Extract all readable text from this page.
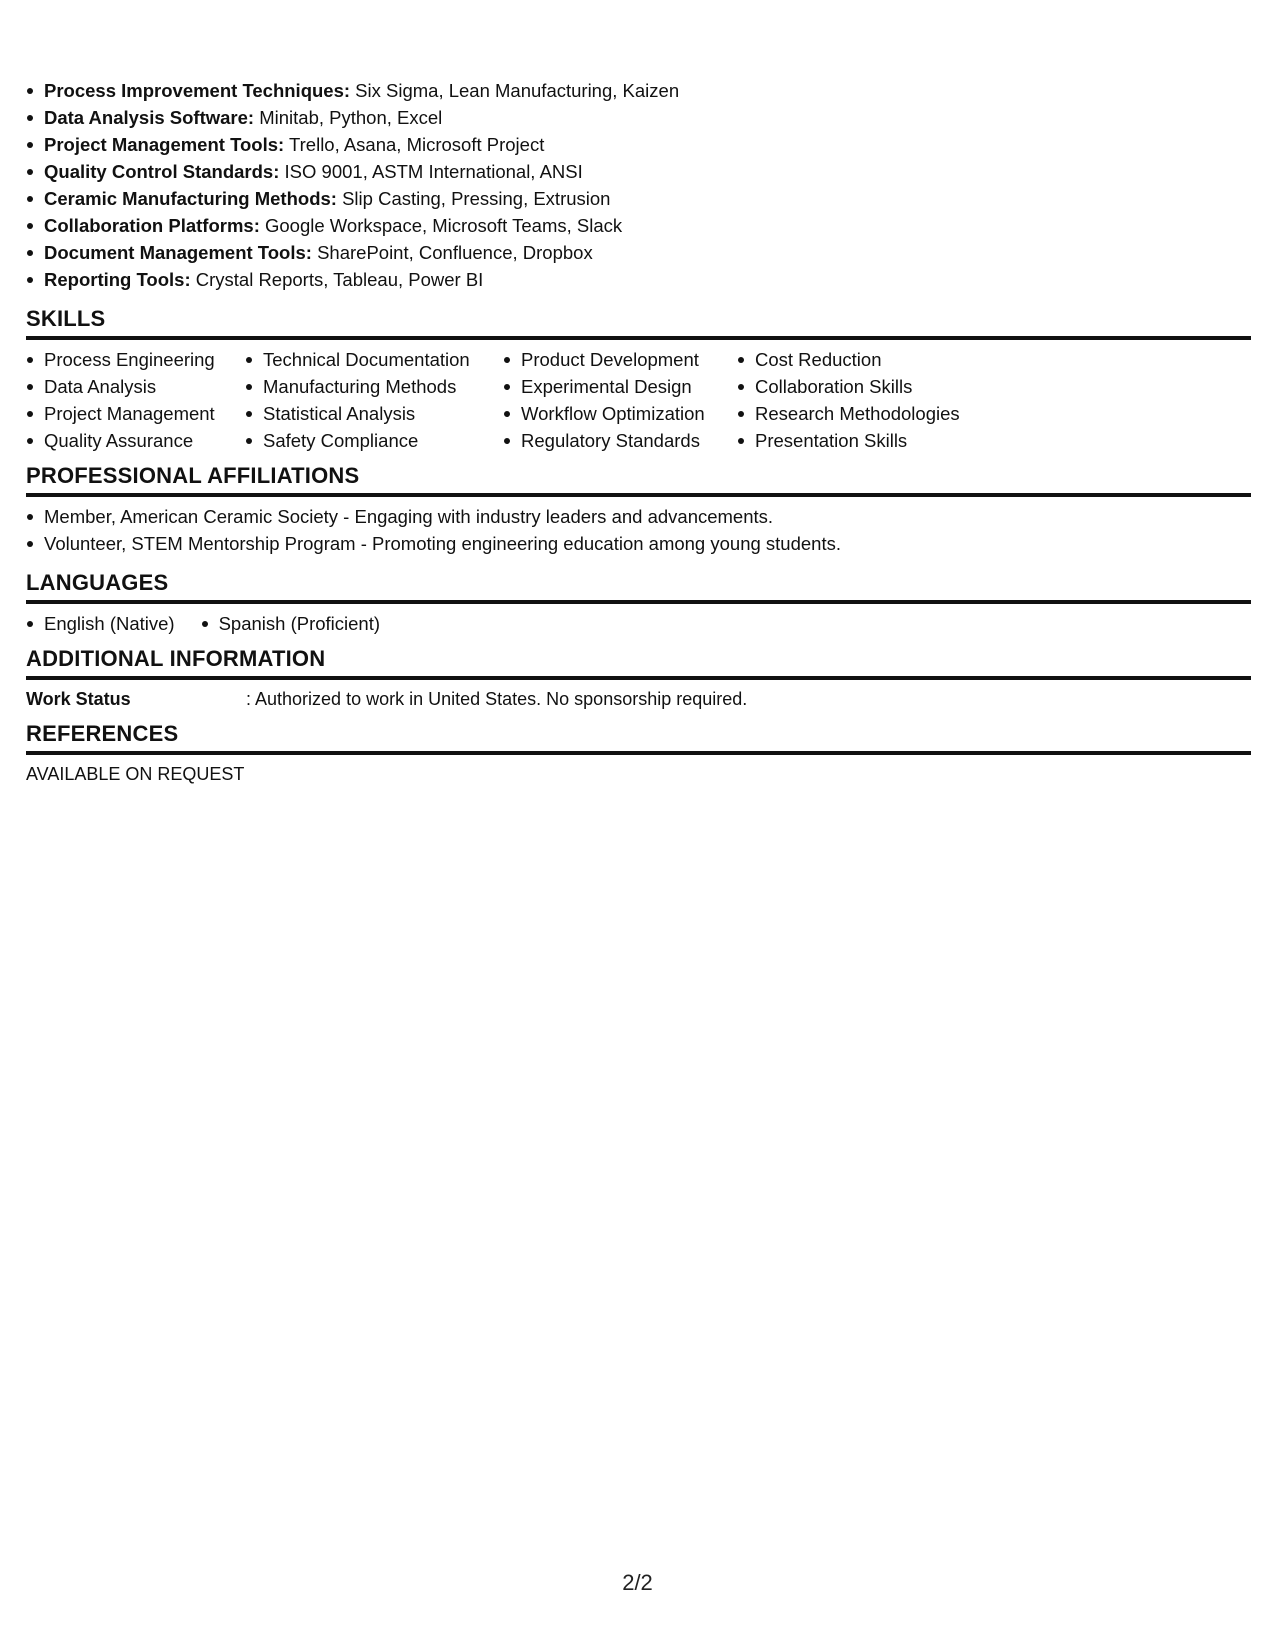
Process Improvement Techniques: Six Sigma, Lean Manufacturing, Kaizen
Data Analysis Software: Minitab, Python, Excel
Project Management Tools: Trello, Asana, Microsoft Project
Quality Control Standards: ISO 9001, ASTM International, ANSI
Ceramic Manufacturing Methods: Slip Casting, Pressing, Extrusion
Collaboration Platforms: Google Workspace, Microsoft Teams, Slack
Document Management Tools: SharePoint, Confluence, Dropbox
Reporting Tools: Crystal Reports, Tableau, Power BI
SKILLS
Process Engineering
Data Analysis
Project Management
Quality Assurance
Technical Documentation
Manufacturing Methods
Statistical Analysis
Safety Compliance
Product Development
Experimental Design
Workflow Optimization
Regulatory Standards
Cost Reduction
Collaboration Skills
Research Methodologies
Presentation Skills
PROFESSIONAL AFFILIATIONS
Member, American Ceramic Society - Engaging with industry leaders and advancements.
Volunteer, STEM Mentorship Program - Promoting engineering education among young students.
LANGUAGES
English (Native)	Spanish (Proficient)
ADDITIONAL INFORMATION
Work Status	: Authorized to work in United States. No sponsorship required.
REFERENCES
AVAILABLE ON REQUEST
2/2
